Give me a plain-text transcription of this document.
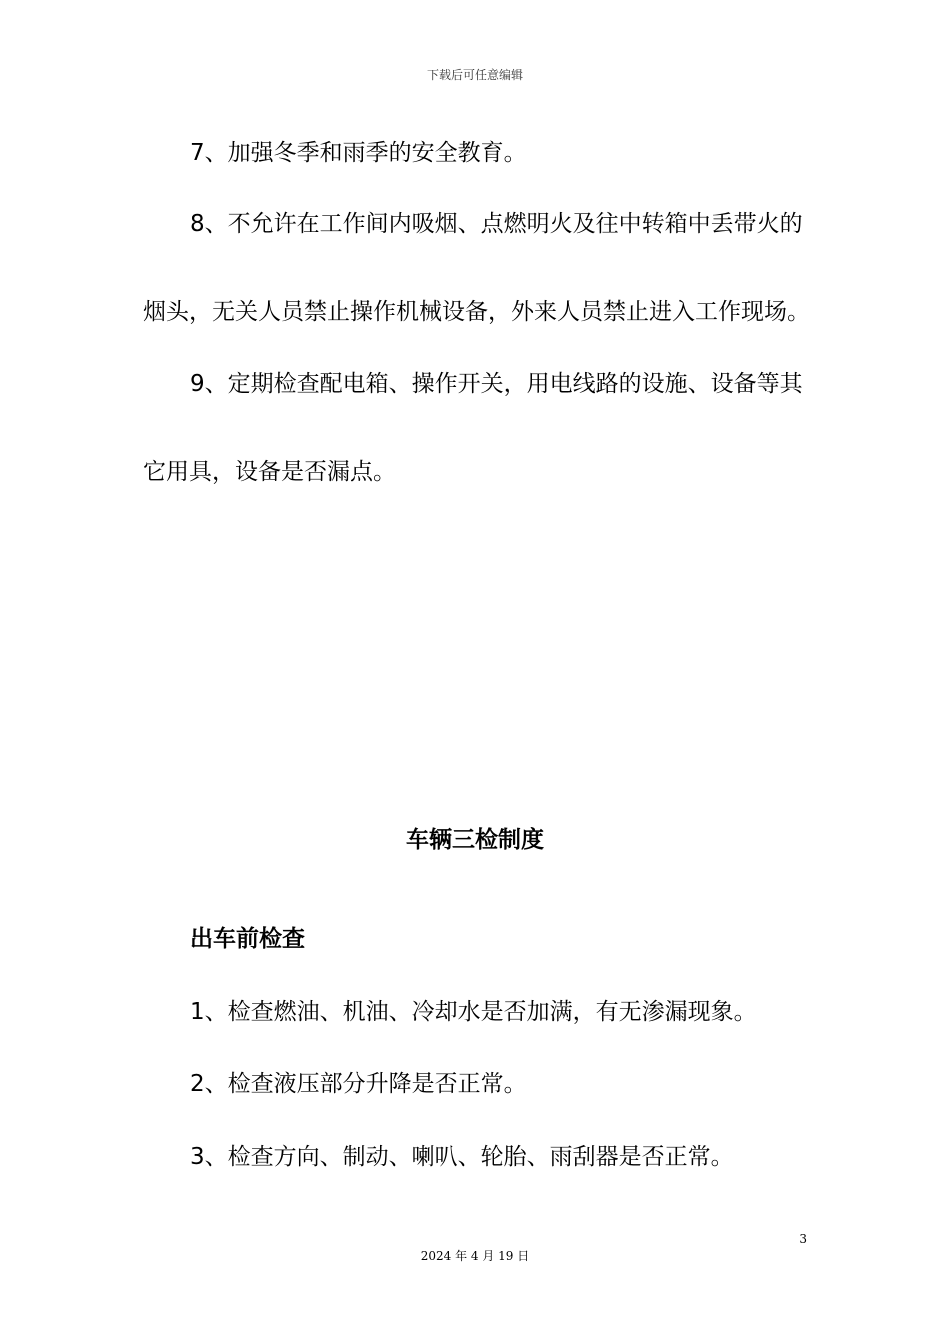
下载后可任意编辑
7、加强冬季和雨季的安全教育。
8、不允许在工作间内吸烟、点燃明火及往中转箱中丢带火的
烟头，无关人员禁止操作机械设备，外来人员禁止进入工作现场。
9、定期检查配电箱、操作开关，用电线路的设施、设备等其
它用具，设备是否漏点。
车辆三检制度
出车前检查
1、检查燃油、机油、冷却水是否加满，有无渗漏现象。
2、检查液压部分升降是否正常。
3、检查方向、制动、喇叭、轮胎、雨刮器是否正常。
3
2024 年 4 月 19 日
